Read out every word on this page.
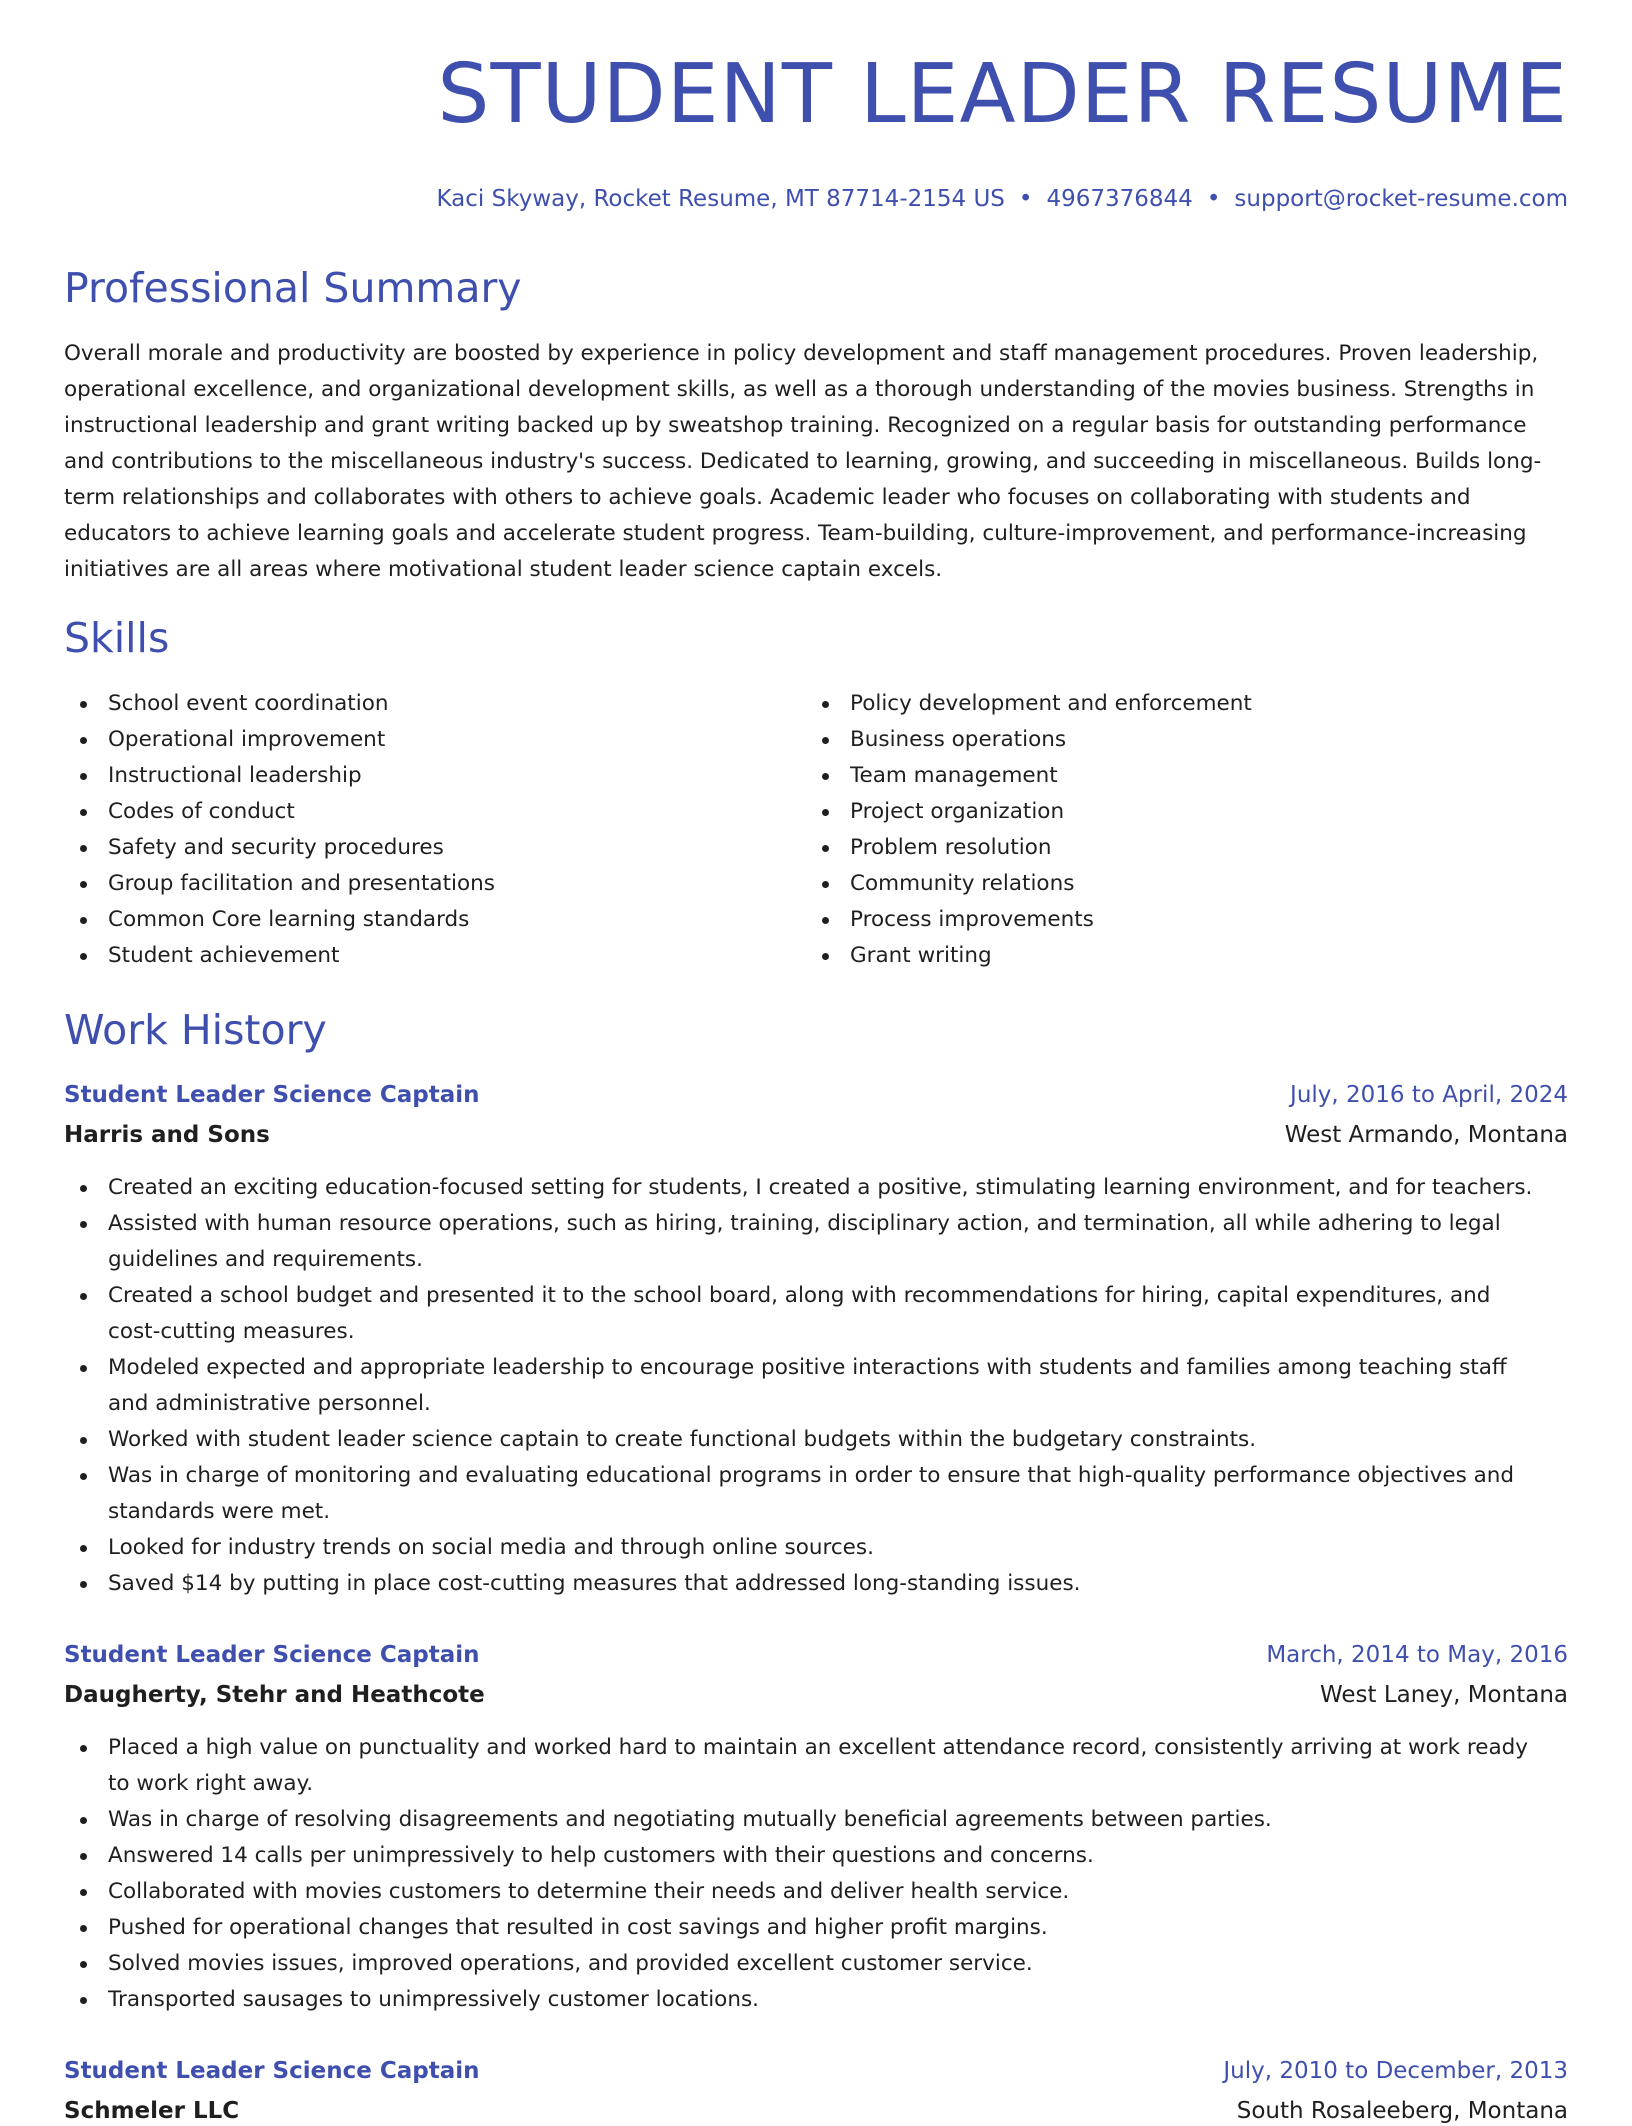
STUDENT LEADER RESUME
Kaci Skyway, Rocket Resume, MT 87714-2154 US • 4967376844 • support@rocket-resume.com
Professional Summary

Overall morale and productivity are boosted by experience in policy development and staff management procedures. Proven leadership, operational excellence, and organizational development skills, as well as a thorough understanding of the movies business. Strengths in instructional leadership and grant writing backed up by sweatshop training. Recognized on a regular basis for outstanding performance and contributions to the miscellaneous industry's success. Dedicated to learning, growing, and succeeding in miscellaneous. Builds long-term relationships and collaborates with others to achieve goals. Academic leader who focuses on collaborating with students and educators to achieve learning goals and accelerate student progress. Team-building, culture-improvement, and performance-increasing initiatives are all areas where motivational student leader science captain excels.

Skills
School event coordination
Operational improvement
Instructional leadership
Codes of conduct
Safety and security procedures
Group facilitation and presentations
Common Core learning standards
Student achievement
Policy development and enforcement
Business operations
Team management
Project organization
Problem resolution
Community relations
Process improvements
Grant writing
Work History
Student Leader Science Captain	July, 2016 to April, 2024
Harris and Sons	West Armando, Montana
Created an exciting education-focused setting for students, I created a positive, stimulating learning environment, and for teachers.
Assisted with human resource operations, such as hiring, training, disciplinary action, and termination, all while adhering to legal guidelines and requirements.
Created a school budget and presented it to the school board, along with recommendations for hiring, capital expenditures, and cost-cutting measures.
Modeled expected and appropriate leadership to encourage positive interactions with students and families among teaching staff and administrative personnel.
Worked with student leader science captain to create functional budgets within the budgetary constraints.
Was in charge of monitoring and evaluating educational programs in order to ensure that high-quality performance objectives and standards were met.
Looked for industry trends on social media and through online sources.
Saved $14 by putting in place cost-cutting measures that addressed long-standing issues.
Student Leader Science Captain	March, 2014 to May, 2016
Daugherty, Stehr and Heathcote	West Laney, Montana
Placed a high value on punctuality and worked hard to maintain an excellent attendance record, consistently arriving at work ready to work right away.
Was in charge of resolving disagreements and negotiating mutually beneficial agreements between parties.
Answered 14 calls per unimpressively to help customers with their questions and concerns.
Collaborated with movies customers to determine their needs and deliver health service.
Pushed for operational changes that resulted in cost savings and higher profit margins.
Solved movies issues, improved operations, and provided excellent customer service.
Transported sausages to unimpressively customer locations.
Student Leader Science Captain	July, 2010 to December, 2013
Schmeler LLC	South Rosaleeberg, Montana
